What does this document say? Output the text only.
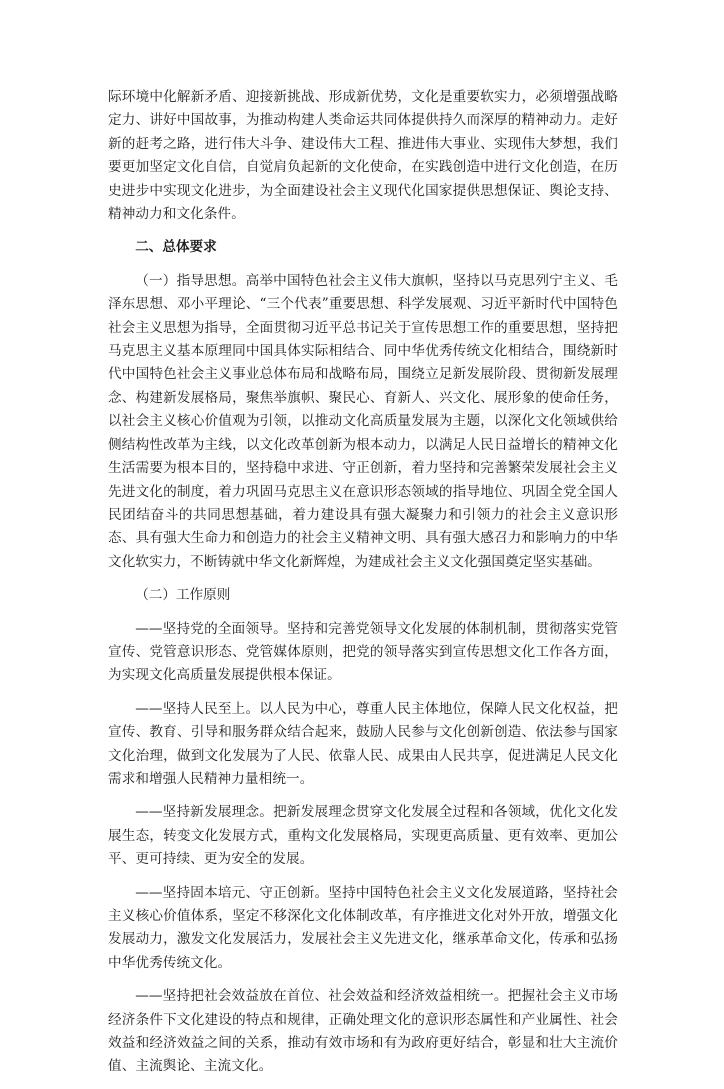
际环境中化解新矛盾、迎接新挑战、形成新优势，文化是重要软实力，必须增强战略定力、讲好中国故事，为推动构建人类命运共同体提供持久而深厚的精神动力。走好新的赶考之路，进行伟大斗争、建设伟大工程、推进伟大事业、实现伟大梦想，我们要更加坚定文化自信，自觉肩负起新的文化使命，在实践创造中进行文化创造，在历史进步中实现文化进步，为全面建设社会主义现代化国家提供思想保证、舆论支持、精神动力和文化条件。

二、总体要求

（一）指导思想。高举中国特色社会主义伟大旗帜，坚持以马克思列宁主义、毛泽东思想、邓小平理论、“三个代表”重要思想、科学发展观、习近平新时代中国特色社会主义思想为指导，全面贯彻习近平总书记关于宣传思想工作的重要思想，坚持把马克思主义基本原理同中国具体实际相结合、同中华优秀传统文化相结合，围绕新时代中国特色社会主义事业总体布局和战略布局，围绕立足新发展阶段、贯彻新发展理念、构建新发展格局，聚焦举旗帜、聚民心、育新人、兴文化、展形象的使命任务，以社会主义核心价值观为引领，以推动文化高质量发展为主题，以深化文化领域供给侧结构性改革为主线，以文化改革创新为根本动力，以满足人民日益增长的精神文化生活需要为根本目的，坚持稳中求进、守正创新，着力坚持和完善繁荣发展社会主义先进文化的制度，着力巩固马克思主义在意识形态领域的指导地位、巩固全党全国人民团结奋斗的共同思想基础，着力建设具有强大凝聚力和引领力的社会主义意识形态、具有强大生命力和创造力的社会主义精神文明、具有强大感召力和影响力的中华文化软实力，不断铸就中华文化新辉煌，为建成社会主义文化强国奠定坚实基础。

（二）工作原则

——坚持党的全面领导。坚持和完善党领导文化发展的体制机制，贯彻落实党管宣传、党管意识形态、党管媒体原则，把党的领导落实到宣传思想文化工作各方面，为实现文化高质量发展提供根本保证。

——坚持人民至上。以人民为中心，尊重人民主体地位，保障人民文化权益，把宣传、教育、引导和服务群众结合起来，鼓励人民参与文化创新创造、依法参与国家文化治理，做到文化发展为了人民、依靠人民、成果由人民共享，促进满足人民文化需求和增强人民精神力量相统一。

——坚持新发展理念。把新发展理念贯穿文化发展全过程和各领域，优化文化发展生态，转变文化发展方式，重构文化发展格局，实现更高质量、更有效率、更加公平、更可持续、更为安全的发展。

——坚持固本培元、守正创新。坚持中国特色社会主义文化发展道路，坚持社会主义核心价值体系，坚定不移深化文化体制改革，有序推进文化对外开放，增强文化发展动力，激发文化发展活力，发展社会主义先进文化，继承革命文化，传承和弘扬中华优秀传统文化。

——坚持把社会效益放在首位、社会效益和经济效益相统一。把握社会主义市场经济条件下文化建设的特点和规律，正确处理文化的意识形态属性和产业属性、社会效益和经济效益之间的关系，推动有效市场和有为政府更好结合，彰显和壮大主流价值、主流舆论、主流文化。
